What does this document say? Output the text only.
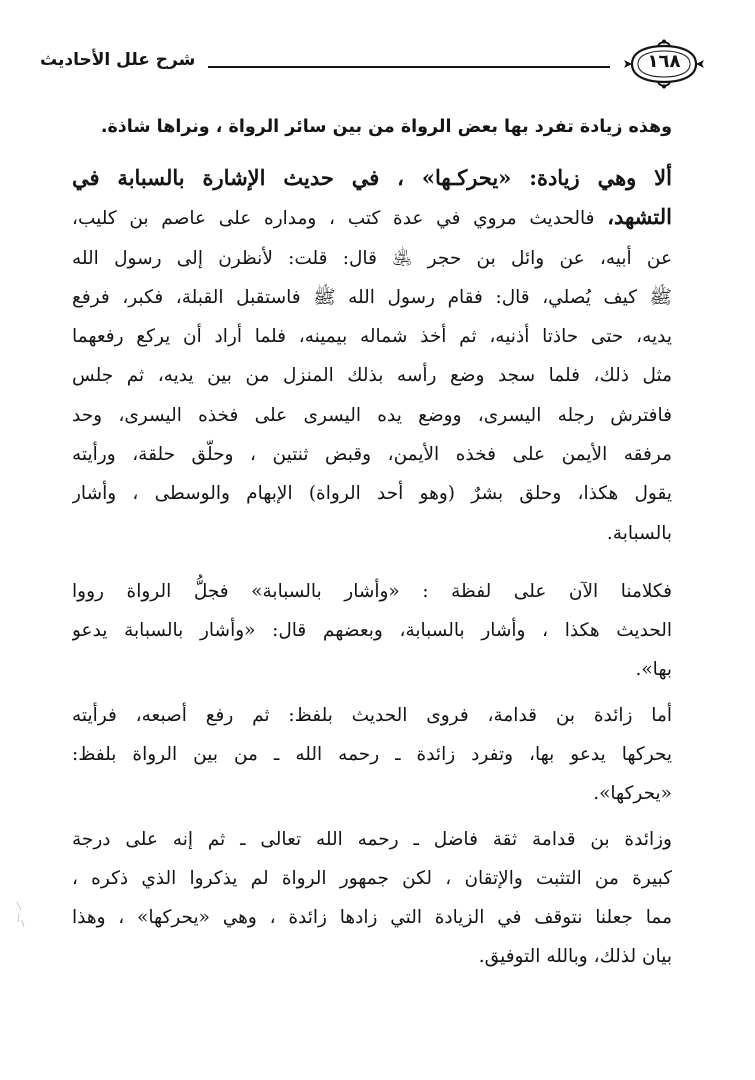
شرح علل الأحاديث	١٦٨
وهذه زيادة تفرد بها بعض الرواة من بين سائر الرواة ، ونراها شاذة.
ألا وهي زيادة: «يحركـها» ، في حديث الإشارة بالسبابة في
التشهد، فالحديث مروي في عدة كتب ، ومداره على عاصم بن كليب،
عن أبيه، عن وائل بن حجر ﵁ قال: قلت: لأنظرن إلى رسول الله
ﷺ كيف يُصلي، قال: فقام رسول الله ﷺ فاستقبل القبلة، فكبر، فرفع
يديه، حتى حاذتا أذنيه، ثم أخذ شماله بيمينه، فلما أراد أن يركع رفعهما
مثل ذلك، فلما سجد وضع رأسه بذلك المنزل من بين يديه، ثم جلس
فافترش رجله اليسرى، ووضع يده اليسرى على فخذه اليسرى، وحد
مرفقه الأيمن على فخذه الأيمن، وقبض ثنتين ، وحلّق حلقة، ورأيته
يقول هكذا، وحلق بشرٌ (وهو أحد الرواة) الإبهام والوسطى ، وأشار
بالسبابة.
فكلامنا الآن على لفظة : «وأشار بالسبابة» فجلُّ الرواة رووا
الحديث هكذا ، وأشار بالسبابة، وبعضهم قال: «وأشار بالسبابة يدعو
بها».
أما زائدة بن قدامة، فروى الحديث بلفظ: ثم رفع أصبعه، فرأيته
يحركها يدعو بها، وتفرد زائدة ـ رحمه الله ـ من بين الرواة بلفظ:
«يحركها».
وزائدة بن قدامة ثقة فاضل ـ رحمه الله تعالى ـ ثم إنه على درجة
كبيرة من التثبت والإتقان ، لكن جمهور الرواة لم يذكروا الذي ذكره ،
مما جعلنا نتوقف في الزيادة التي زادها زائدة ، وهي «يحركها» ، وهذا
بيان لذلك، وبالله التوفيق.
